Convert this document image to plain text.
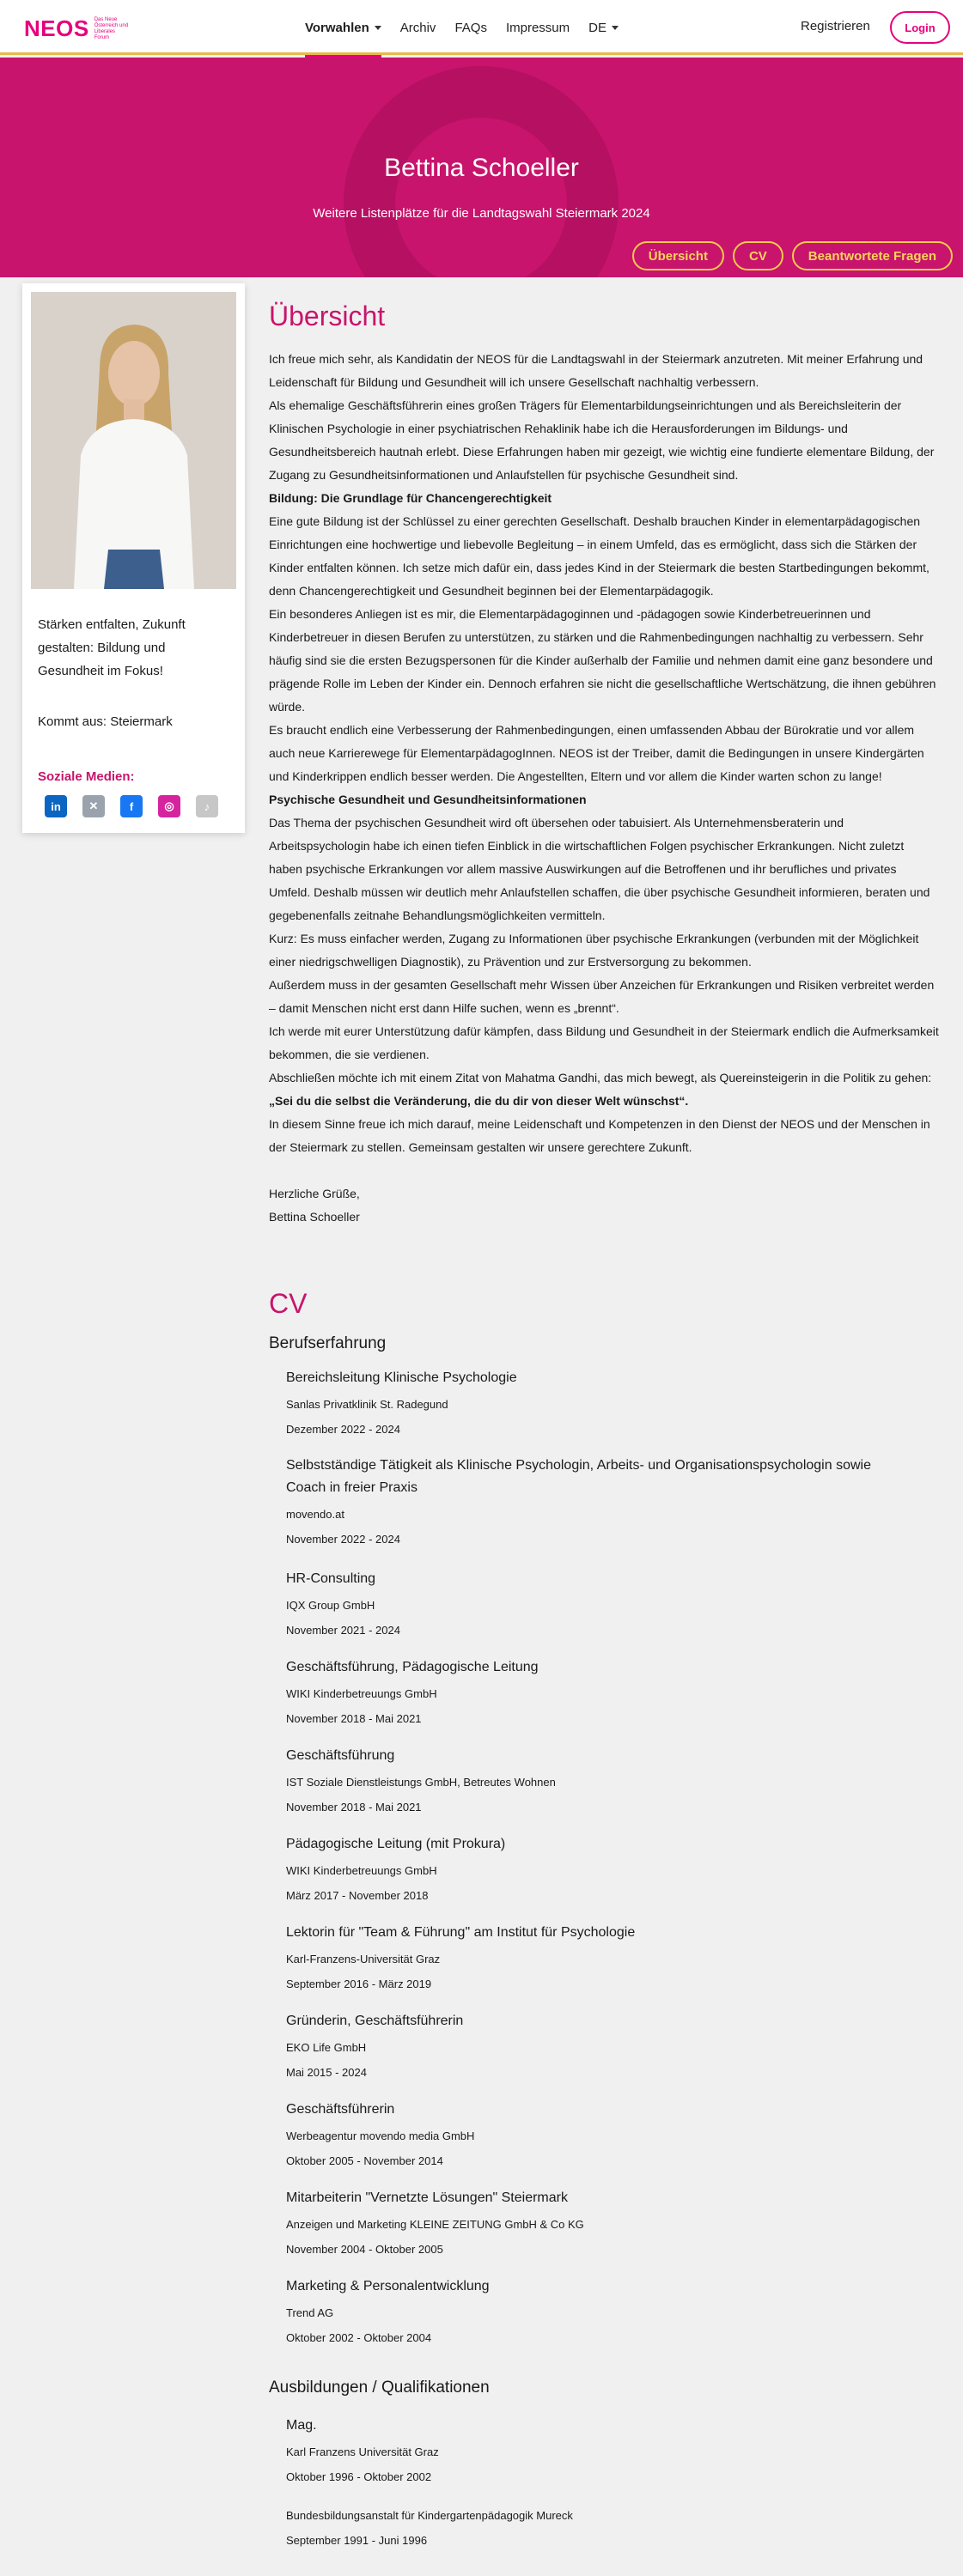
NEOS Das Neue Österreich und Liberales Forum
Vorwahlen Archiv FAQs Impressum DE	Registrieren	Login
Bettina Schoeller
Weitere Listenplätze für die Landtagswahl Steiermark 2024
Übersicht	CV	Beantwortete Fragen
Stärken entfalten, Zukunft gestalten: Bildung und Gesundheit im Fokus!
Kommt aus: Steiermark
Soziale Medien:
in	✕	f	◎	♪
Übersicht
Ich freue mich sehr, als Kandidatin der NEOS für die Landtagswahl in der Steiermark anzutreten. Mit meiner Erfahrung und Leidenschaft für Bildung und Gesundheit will ich unsere Gesellschaft nachhaltig verbessern.
Als ehemalige Geschäftsführerin eines großen Trägers für Elementarbildungseinrichtungen und als Bereichsleiterin der Klinischen Psychologie in einer psychiatrischen Rehaklinik habe ich die Herausforderungen im Bildungs- und Gesundheitsbereich hautnah erlebt. Diese Erfahrungen haben mir gezeigt, wie wichtig eine fundierte elementare Bildung, der Zugang zu Gesundheitsinformationen und Anlaufstellen für psychische Gesundheit sind.
Bildung: Die Grundlage für Chancengerechtigkeit
Eine gute Bildung ist der Schlüssel zu einer gerechten Gesellschaft. Deshalb brauchen Kinder in elementarpädagogischen Einrichtungen eine hochwertige und liebevolle Begleitung – in einem Umfeld, das es ermöglicht, dass sich die Stärken der Kinder entfalten können. Ich setze mich dafür ein, dass jedes Kind in der Steiermark die besten Startbedingungen bekommt, denn Chancengerechtigkeit und Gesundheit beginnen bei der Elementarpädagogik.
Ein besonderes Anliegen ist es mir, die Elementarpädagoginnen und -pädagogen sowie Kinderbetreuerinnen und Kinderbetreuer in diesen Berufen zu unterstützen, zu stärken und die Rahmenbedingungen nachhaltig zu verbessern. Sehr häufig sind sie die ersten Bezugspersonen für die Kinder außerhalb der Familie und nehmen damit eine ganz besondere und prägende Rolle im Leben der Kinder ein. Dennoch erfahren sie nicht die gesellschaftliche Wertschätzung, die ihnen gebühren würde.
Es braucht endlich eine Verbesserung der Rahmenbedingungen, einen umfassenden Abbau der Bürokratie und vor allem auch neue Karrierewege für ElementarpädagogInnen. NEOS ist der Treiber, damit die Bedingungen in unsere Kindergärten und Kinderkrippen endlich besser werden. Die Angestellten, Eltern und vor allem die Kinder warten schon zu lange!
Psychische Gesundheit und Gesundheitsinformationen
Das Thema der psychischen Gesundheit wird oft übersehen oder tabuisiert. Als Unternehmensberaterin und Arbeitspsychologin habe ich einen tiefen Einblick in die wirtschaftlichen Folgen psychischer Erkrankungen. Nicht zuletzt haben psychische Erkrankungen vor allem massive Auswirkungen auf die Betroffenen und ihr berufliches und privates Umfeld. Deshalb müssen wir deutlich mehr Anlaufstellen schaffen, die über psychische Gesundheit informieren, beraten und gegebenenfalls zeitnahe Behandlungsmöglichkeiten vermitteln.
Kurz: Es muss einfacher werden, Zugang zu Informationen über psychische Erkrankungen (verbunden mit der Möglichkeit einer niedrigschwelligen Diagnostik), zu Prävention und zur Erstversorgung zu bekommen.
Außerdem muss in der gesamten Gesellschaft mehr Wissen über Anzeichen für Erkrankungen und Risiken verbreitet werden – damit Menschen nicht erst dann Hilfe suchen, wenn es „brennt“.
Ich werde mit eurer Unterstützung dafür kämpfen, dass Bildung und Gesundheit in der Steiermark endlich die Aufmerksamkeit bekommen, die sie verdienen.
Abschließen möchte ich mit einem Zitat von Mahatma Gandhi, das mich bewegt, als Quereinsteigerin in die Politik zu gehen:
„Sei du die selbst die Veränderung, die du dir von dieser Welt wünschst“.
In diesem Sinne freue ich mich darauf, meine Leidenschaft und Kompetenzen in den Dienst der NEOS und der Menschen in der Steiermark zu stellen. Gemeinsam gestalten wir unsere gerechtere Zukunft.
Herzliche Grüße,
Bettina Schoeller
CV
Berufserfahrung
Bereichsleitung Klinische Psychologie
Sanlas Privatklinik St. Radegund
Dezember 2022 - 2024
Selbstständige Tätigkeit als Klinische Psychologin, Arbeits- und Organisationspsychologin sowie Coach in freier Praxis
movendo.at
November 2022 - 2024
HR-Consulting
IQX Group GmbH
November 2021 - 2024
Geschäftsführung, Pädagogische Leitung
WIKI Kinderbetreuungs GmbH
November 2018 - Mai 2021
Geschäftsführung
IST Soziale Dienstleistungs GmbH, Betreutes Wohnen
November 2018 - Mai 2021
Pädagogische Leitung (mit Prokura)
WIKI Kinderbetreuungs GmbH
März 2017 - November 2018
Lektorin für "Team & Führung" am Institut für Psychologie
Karl-Franzens-Universität Graz
September 2016 - März 2019
Gründerin, Geschäftsführerin
EKO Life GmbH
Mai 2015 - 2024
Geschäftsführerin
Werbeagentur movendo media GmbH
Oktober 2005 - November 2014
Mitarbeiterin "Vernetzte Lösungen" Steiermark
Anzeigen und Marketing KLEINE ZEITUNG GmbH & Co KG
November 2004 - Oktober 2005
Marketing & Personalentwicklung
Trend AG
Oktober 2002 - Oktober 2004
Ausbildungen / Qualifikationen
Mag.
Karl Franzens Universität Graz
Oktober 1996 - Oktober 2002
Bundesbildungsanstalt für Kindergartenpädagogik Mureck
September 1991 - Juni 1996
